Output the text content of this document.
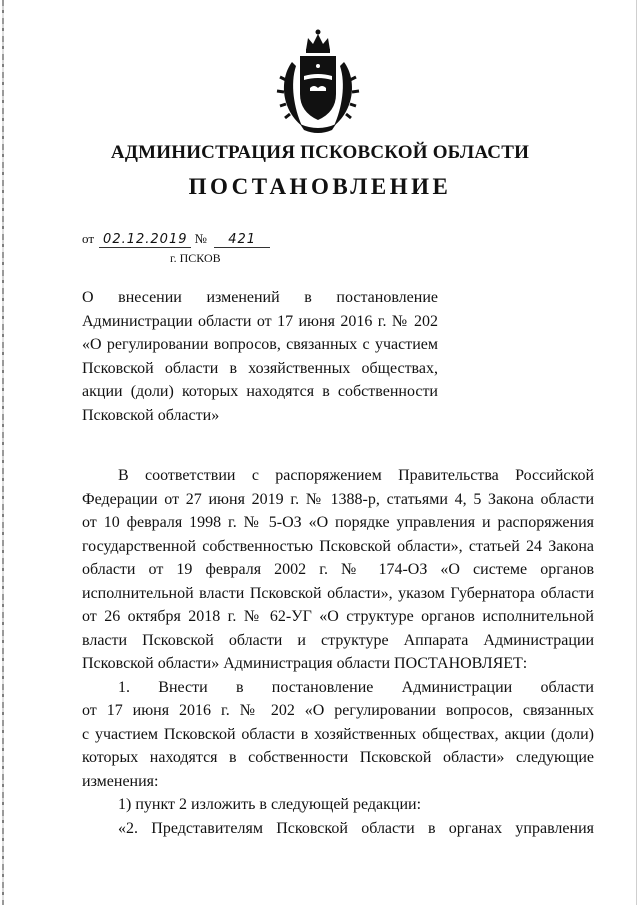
АДМИНИСТРАЦИЯ ПСКОВСКОЙ ОБЛАСТИ
ПОСТАНОВЛЕНИЕ
от 02.12.2019 № 421
г. ПСКОВ
О внесении изменений в постановление
Администрации области от 17 июня 2016 г. № 202
«О регулировании вопросов, связанных с участием
Псковской области в хозяйственных обществах,
акции (доли) которых находятся в собственности
Псковской области»
В соответствии с распоряжением Правительства Российской
Федерации от 27 июня 2019 г. № 1388-р, статьями 4, 5 Закона области
от 10 февраля 1998 г. № 5-ОЗ «О порядке управления и распоряжения
государственной собственностью Псковской области», статьей 24 Закона
области от 19 февраля 2002 г. № 174-ОЗ «О системе органов
исполнительной власти Псковской области», указом Губернатора области
от 26 октября 2018 г. № 62-УГ «О структуре органов исполнительной
власти Псковской области и структуре Аппарата Администрации
Псковской области» Администрация области ПОСТАНОВЛЯЕТ:
1. Внести в постановление Администрации области
от 17 июня 2016 г. № 202 «О регулировании вопросов, связанных
с участием Псковской области в хозяйственных обществах, акции (доли)
которых находятся в собственности Псковской области» следующие
изменения:
1) пункт 2 изложить в следующей редакции:
«2. Представителям Псковской области в органах управления
